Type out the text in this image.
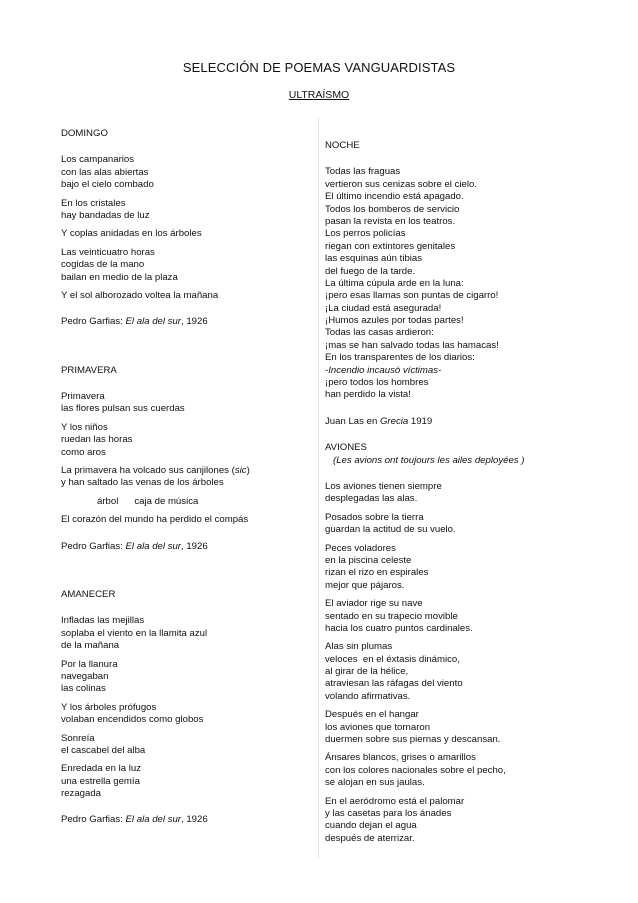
SELECCIÓN DE POEMAS VANGUARDISTAS
ULTRAÍSMO
DOMINGO
Los campanarios
con las alas abiertas
bajo el cielo combado
En los cristales
hay bandadas de luz
Y coplas anidadas en los árboles
Las veinticuatro horas
cogidas de la mano
bailan en medio de la plaza
Y el sol alborozado voltea la mañana
Pedro Garfias: El ala del sur, 1926
PRIMAVERA
Primavera
las flores pulsan sus cuerdas
Y los niños
ruedan las horas
como aros
La primavera ha volcado sus canjilones (sic)
y han saltado las venas de los árboles
árbol caja de música
El corazón del mundo ha perdido el compás
Pedro Garfias: El ala del sur, 1926
AMANECER
Infladas las mejillas
soplaba el viento en la llamita azul
de la mañana
Por la llanura
navegaban
las colinas
Y los árboles prófugos
volaban encendidos como globos
Sonreía
el cascabel del alba
Enredada en la luz
una estrella gemía
rezagada
Pedro Garfias: El ala del sur, 1926
NOCHE
Todas las fraguas
vertieron sus cenizas sobre el cielo.
El último incendio está apagado.
Todos los bomberos de servicio
pasan la revista en los teatros.
Los perros policías
riegan con extintores genitales
las esquinas aún tibias
del fuego de la tarde.
La última cúpula arde en la luna:
¡pero esas llamas son puntas de cigarro!
¡La ciudad está asegurada!
¡Humos azules por todas partes!
Todas las casas ardieron:
¡mas se han salvado todas las hamacas!
En los transparentes de los diarios:
-Incendio incausó víctimas-
¡pero todos los hombres
han perdido la vista!
Juan Las en Grecia 1919
AVIONES
(Les avions ont toujours les ailes deployées )
Los aviones tienen siempre
desplegadas las alas.
Posados sobre la tierra
guardan la actitud de su vuelo.
Peces voladores
en la piscina celeste
rizan el rizo en espirales
mejor que pájaros.
El aviador rige su nave
sentado en su trapecio movible
hacia los cuatro puntos cardinales.
Alas sin plumas
veloces  en el éxtasis dinámico,
al girar de la hélice,
atraviesan las ráfagas del viento
volando afirmativas.
Después en el hangar
los aviones que tornaron
duermen sobre sus piernas y descansan.
Ánsares blancos, grises o amarillos
con los colores nacionales sobre el pecho,
se alojan en sus jaulas.
En el aeródromo está el palomar
y las casetas para los ánades
cuando dejan el agua
después de aterrizar.
